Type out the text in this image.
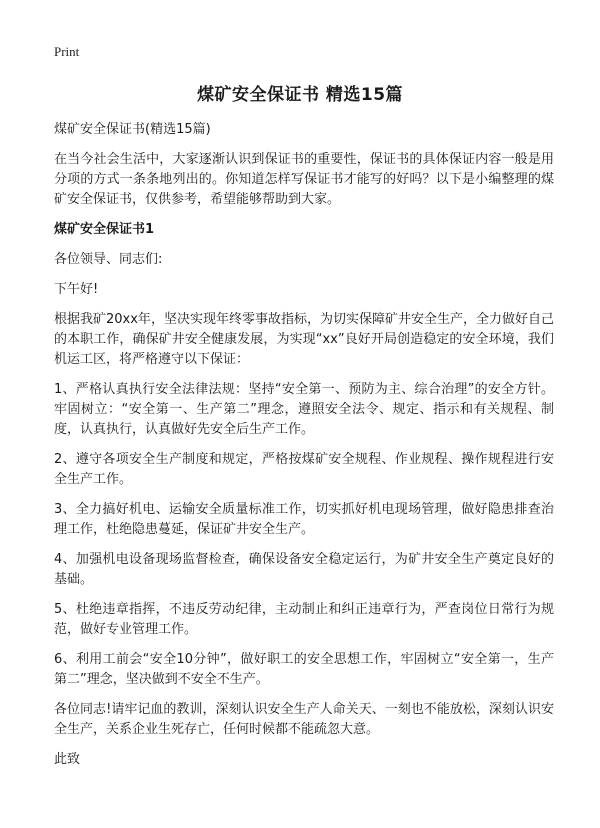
Print
煤矿安全保证书 精选15篇

煤矿安全保证书(精选15篇)

在当今社会生活中，大家逐渐认识到保证书的重要性，保证书的具体保证内容一般是用分项的方式一条条地列出的。你知道怎样写保证书才能写的好吗？以下是小编整理的煤矿安全保证书，仅供参考，希望能够帮助到大家。

煤矿安全保证书1

各位领导、同志们:

下午好!

根据我矿20xx年，坚决实现年终零事故指标，为切实保障矿井安全生产，全力做好自己的本职工作，确保矿井安全健康发展，为实现“xx”良好开局创造稳定的安全环境，我们机运工区，将严格遵守以下保证：

1、严格认真执行安全法律法规：坚持“安全第一、预防为主、综合治理”的安全方针。牢固树立：“安全第一、生产第二”理念，遵照安全法令、规定、指示和有关规程、制度，认真执行，认真做好先安全后生产工作。

2、遵守各项安全生产制度和规定，严格按煤矿安全规程、作业规程、操作规程进行安全生产工作。

3、全力搞好机电、运输安全质量标准工作，切实抓好机电现场管理，做好隐患排查治理工作，杜绝隐患蔓延，保证矿井安全生产。

4、加强机电设备现场监督检查，确保设备安全稳定运行，为矿井安全生产奠定良好的基础。

5、杜绝违章指挥，不违反劳动纪律，主动制止和纠正违章行为，严查岗位日常行为规范，做好专业管理工作。

6、利用工前会“安全10分钟”，做好职工的安全思想工作，牢固树立“安全第一，生产第二”理念，坚决做到不安全不生产。

各位同志!请牢记血的教训，深刻认识安全生产人命关天、一刻也不能放松，深刻认识安全生产，关系企业生死存亡，任何时候都不能疏忽大意。

此致
